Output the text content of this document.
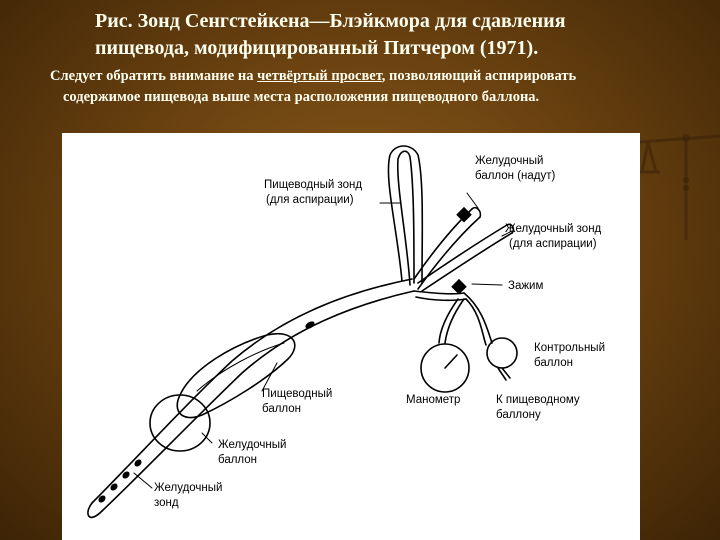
Рис. Зонд Сенгстейкена—Блэйкмора для сдавления
пищевода, модифицированный Питчером (1971).
Следует обратить внимание на четвёртый просвет, позволяющий аспирировать
содержимое пищевода выше места расположения пищеводного баллона.
Пищеводный зонд
(для аспирации)
Желудочный
баллон (надут)
Желудочный зонд
(для аспирации)
Зажим
Контрольный
баллон
Манометр	К пищеводному
баллону
Пищеводный
баллон
Желудочный
баллон
Желудочный
зонд
